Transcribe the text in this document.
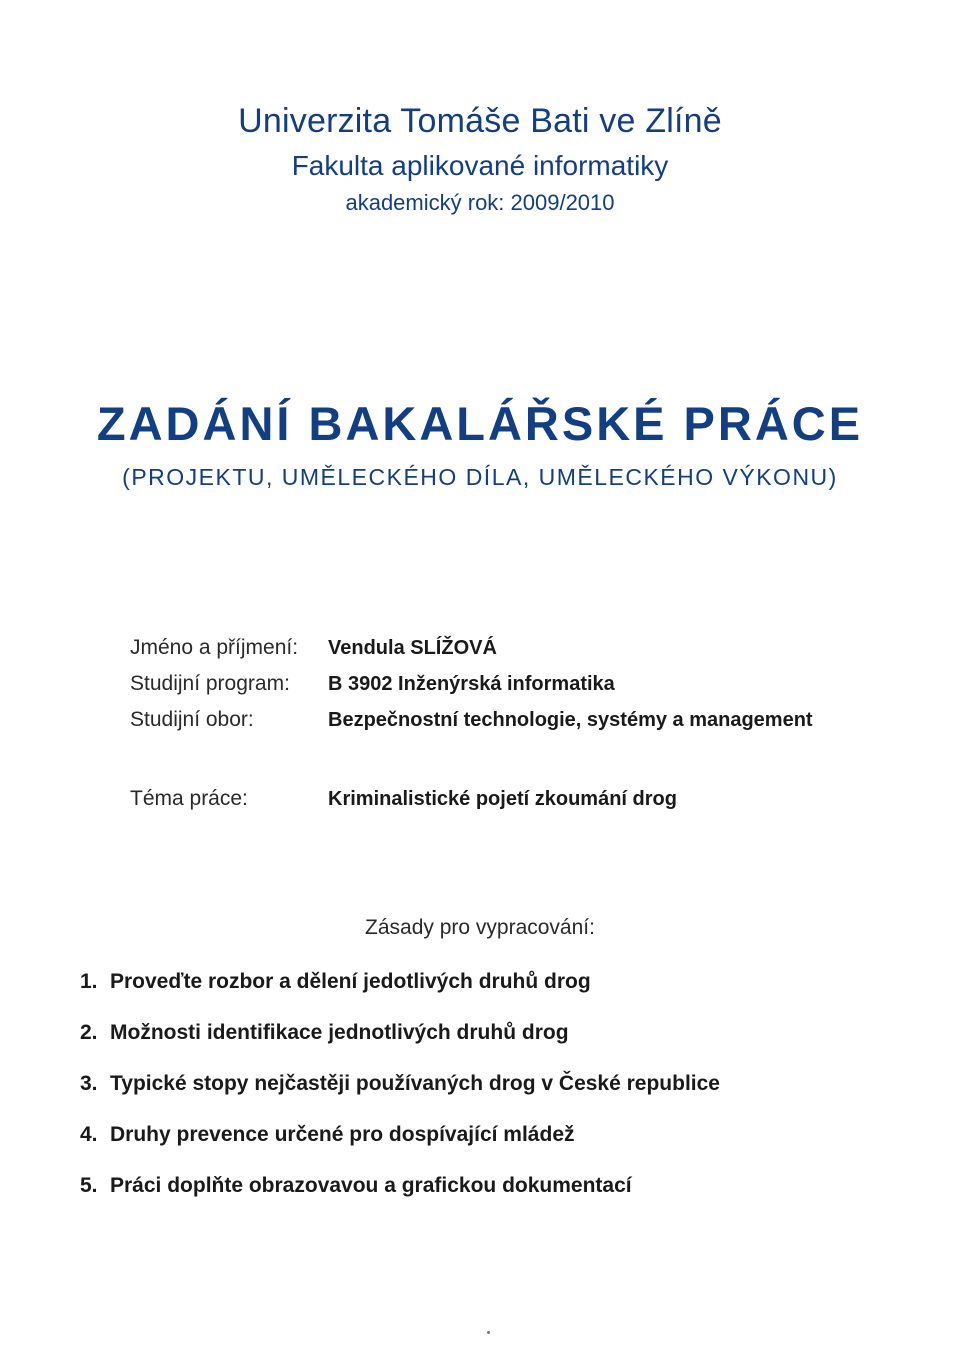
Univerzita Tomáše Bati ve Zlíně
Fakulta aplikované informatiky
akademický rok: 2009/2010
ZADÁNÍ BAKALÁŘSKÉ PRÁCE
(PROJEKTU, UMĚLECKÉHO DÍLA, UMĚLECKÉHO VÝKONU)
Jméno a příjmení:	Vendula SLÍŽOVÁ
Studijní program:	B 3902 Inženýrská informatika
Studijní obor:	Bezpečnostní technologie, systémy a management
Téma práce:	Kriminalistické pojetí zkoumání drog
Zásady pro vypracování:
1. Proveďte rozbor a dělení jedotlivých druhů drog
2. Možnosti identifikace jednotlivých druhů drog
3. Typické stopy nejčastěji používaných drog v České republice
4. Druhy prevence určené pro dospívající mládež
5. Práci doplňte obrazovavou a grafickou dokumentací
